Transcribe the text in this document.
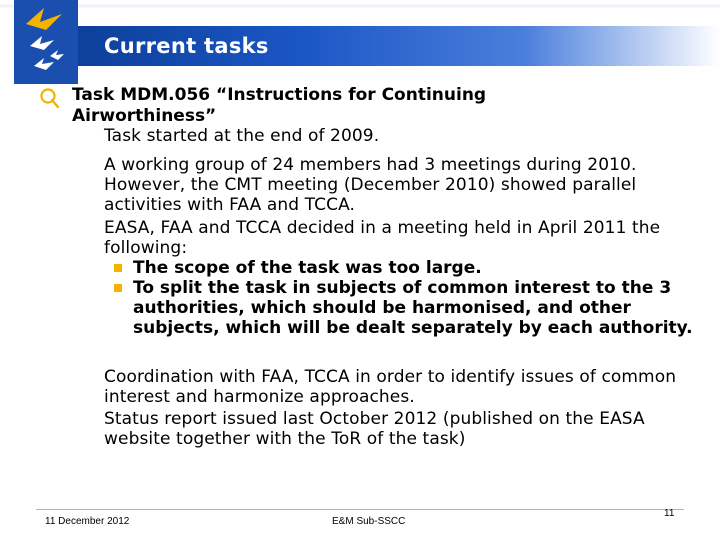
Current tasks
Task MDM.056 “Instructions for Continuing
Airworthiness”
Task started at the end of 2009.
A working group of 24 members had 3 meetings during 2010. However, the CMT meeting (December 2010) showed parallel activities with FAA and TCCA.
EASA, FAA and TCCA decided in a meeting held in April 2011 the following:
The scope of the task was too large.
To split the task in subjects of common interest to the 3 authorities, which should be harmonised, and other subjects, which will be dealt separately by each authority.
Coordination with FAA, TCCA in order to identify issues of common interest and harmonize approaches.
Status report issued last October 2012 (published on the EASA website together with the ToR of the task)
11 December 2012	E&M Sub-SSCC
11
